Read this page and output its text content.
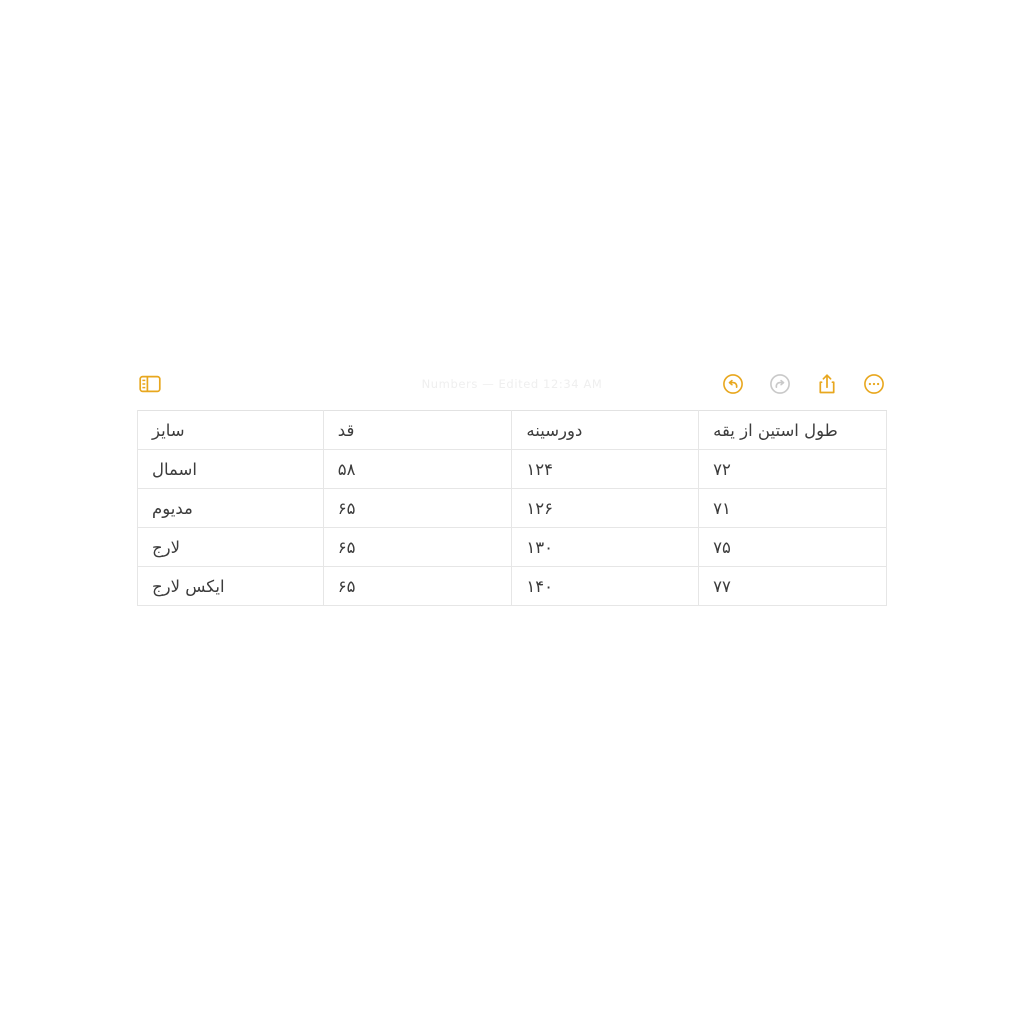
Numbers — Edited 12:34 AM
طول استین از یقه	دورسینه	قد	سایز
۷۲	۱۲۴	۵۸	اسمال
۷۱	۱۲۶	۶۵	مدیوم
۷۵	۱۳۰	۶۵	لارج
۷۷	۱۴۰	۶۵	ایکس لارج
